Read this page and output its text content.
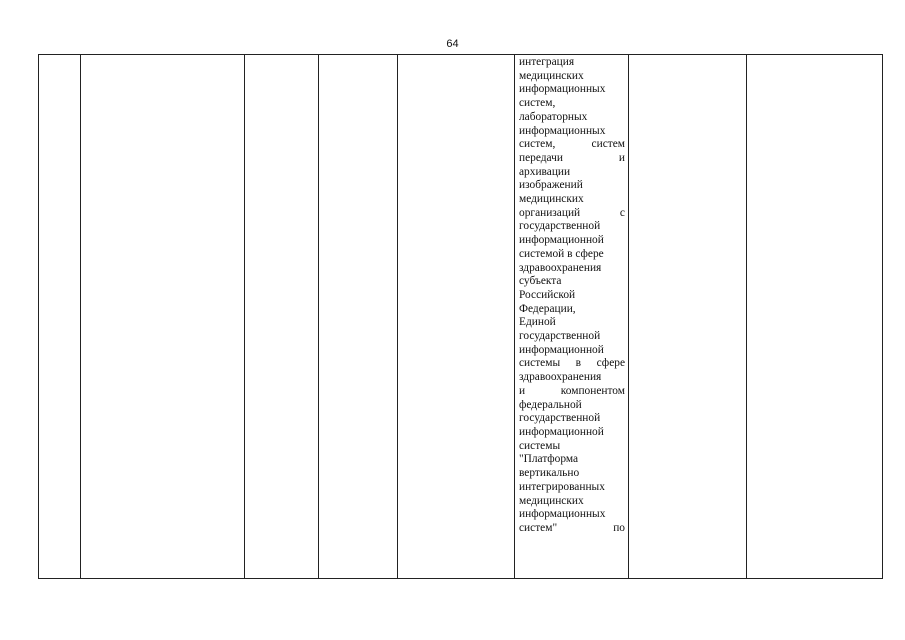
64
интеграция
медицинских
информационных
систем,
лабораторных
информационных
систем, систем
передачи и
архивации
изображений
медицинских
организаций с
государственной
информационной
системой в сфере
здравоохранения
субъекта
Российской
Федерации,
Единой
государственной
информационной
системы в сфере
здравоохранения
и компонентом
федеральной
государственной
информационной
системы
"Платформа
вертикально
интегрированных
медицинских
информационных
систем" по
